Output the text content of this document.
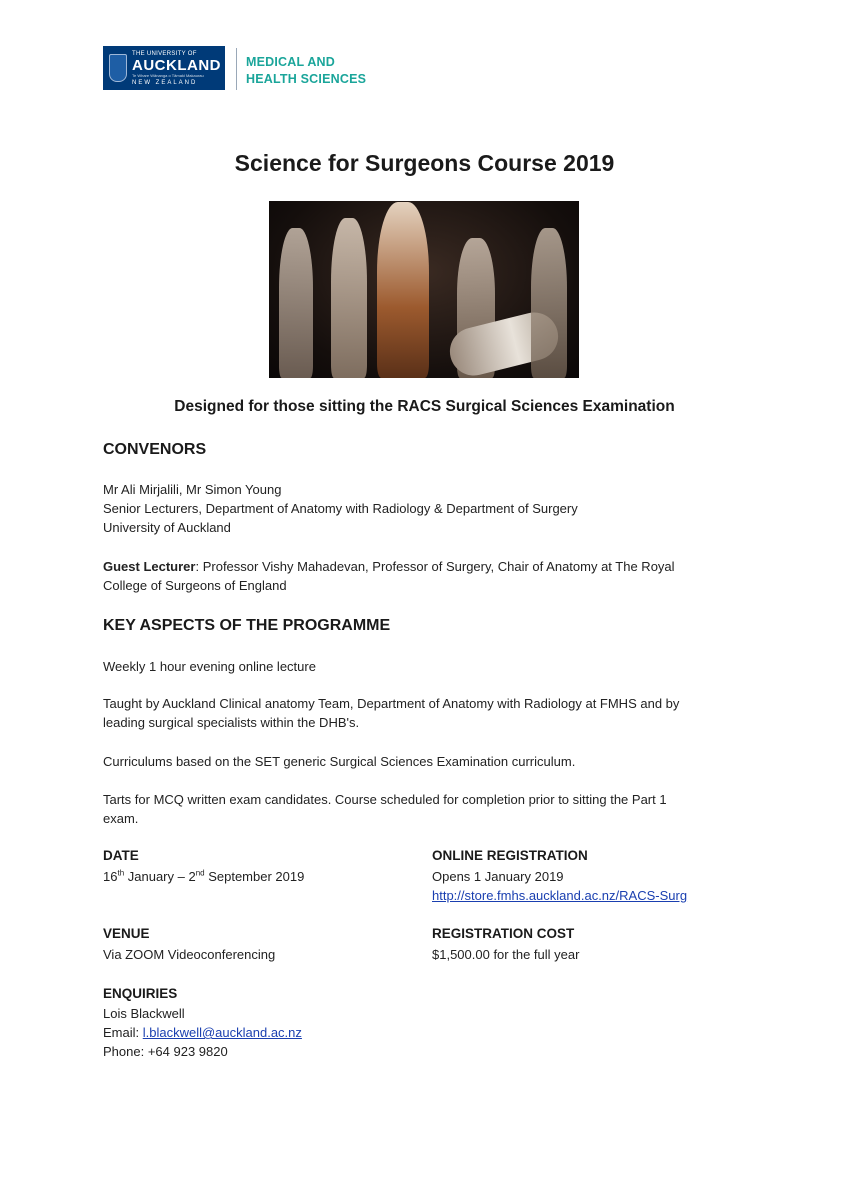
THE UNIVERSITY OF
AUCKLAND
Te Whare Wānanga o Tāmaki Makaurau
NEW ZEALAND
MEDICAL AND
HEALTH SCIENCES
Science for Surgeons Course 2019
Designed for those sitting the RACS Surgical Sciences Examination
CONVENORS
Mr Ali Mirjalili, Mr Simon Young
Senior Lecturers, Department of Anatomy with Radiology & Department of Surgery
University of Auckland
Guest Lecturer: Professor Vishy Mahadevan, Professor of Surgery, Chair of Anatomy at The Royal
College of Surgeons of England
KEY ASPECTS OF THE PROGRAMME
Weekly 1 hour evening online lecture
Taught by Auckland Clinical anatomy Team, Department of Anatomy with Radiology at FMHS and by
leading surgical specialists within the DHB's.
Curriculums based on the SET generic Surgical Sciences Examination curriculum.
Tarts for MCQ written exam candidates. Course scheduled for completion prior to sitting the Part 1
exam.
DATE
16th January – 2nd September 2019
ONLINE REGISTRATION
Opens 1 January 2019
http://store.fmhs.auckland.ac.nz/RACS-Surg
VENUE
Via ZOOM Videoconferencing
REGISTRATION COST
$1,500.00 for the full year
ENQUIRIES
Lois Blackwell
Email: l.blackwell@auckland.ac.nz
Phone: +64 923 9820
